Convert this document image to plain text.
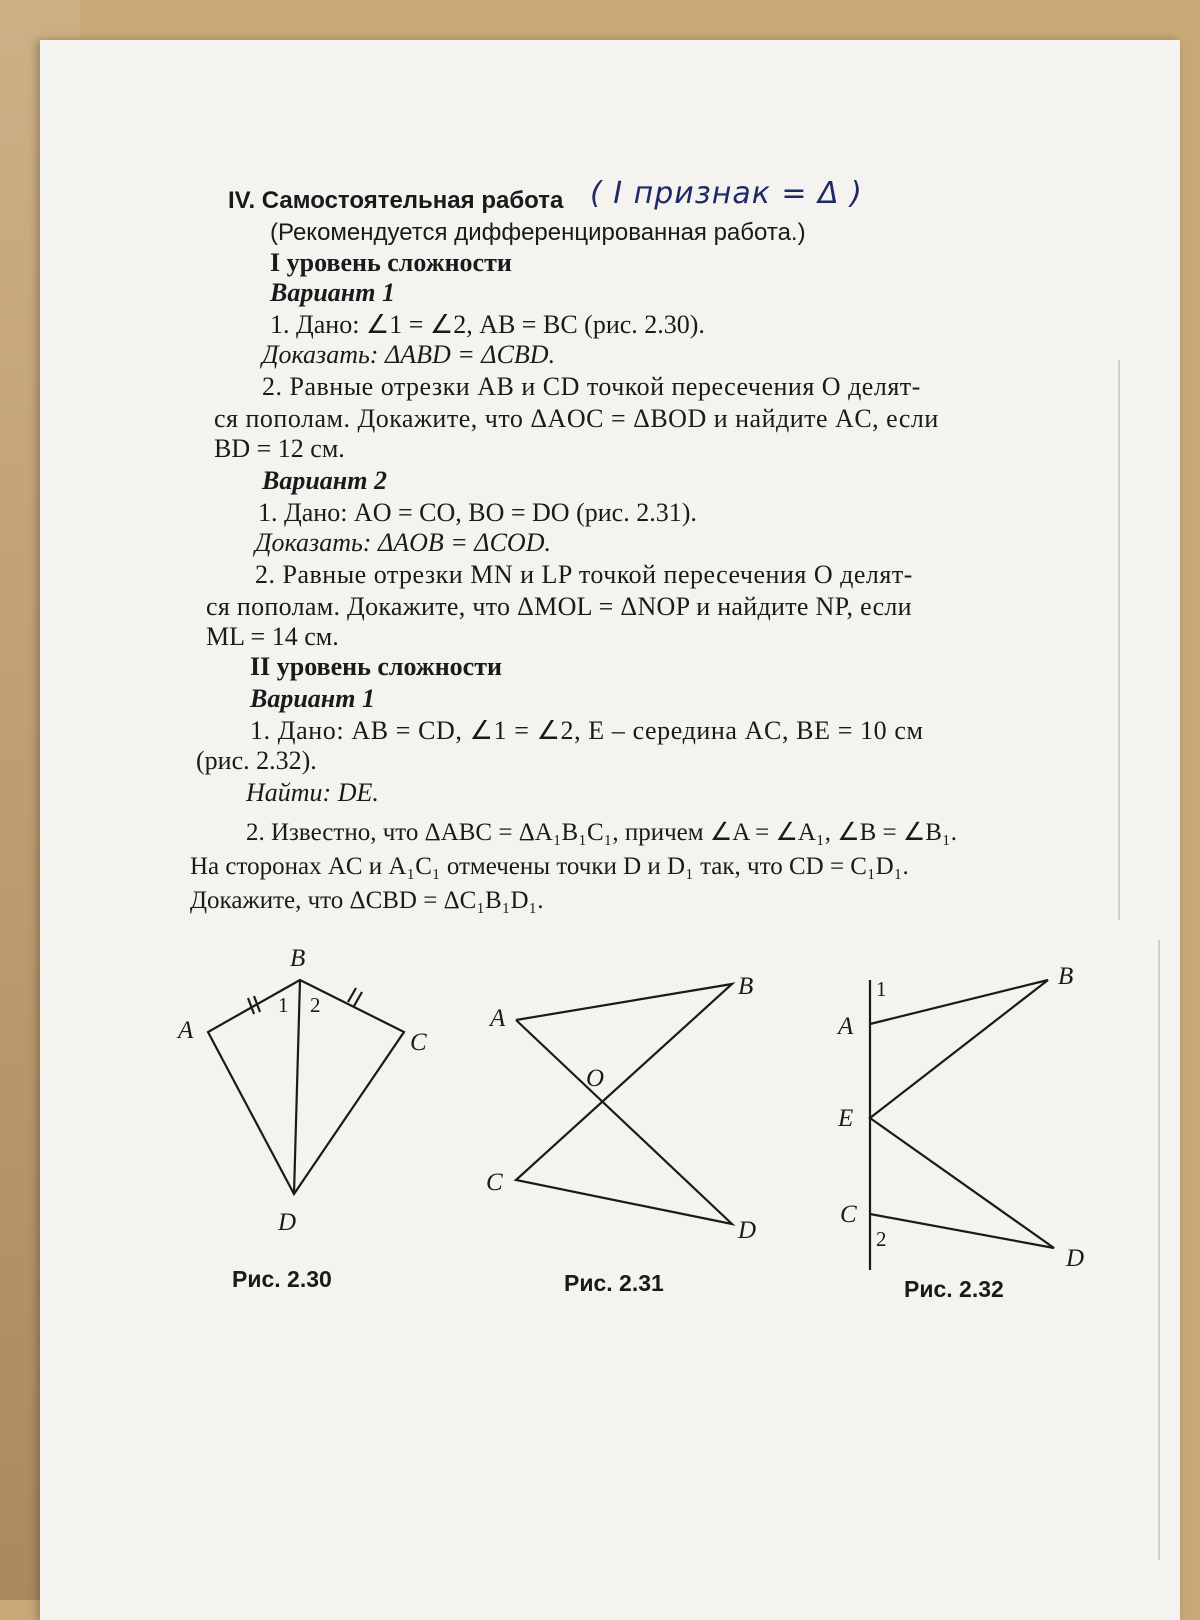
IV. Самостоятельная работа ( I признак = Δ )
(Рекомендуется дифференцированная работа.)
I уровень сложности
Вариант 1
1. Дано: ∠1 = ∠2, AB = BC (рис. 2.30).
Доказать: ΔABD = ΔCBD.
2. Равные отрезки AB и CD точкой пересечения O делят-
ся пополам. Докажите, что ΔAOC = ΔBOD и найдите AC, если
BD = 12 см.
Вариант 2
1. Дано: AO = CO, BO = DO (рис. 2.31).
Доказать: ΔAOB = ΔCOD.
2. Равные отрезки MN и LP точкой пересечения O делят-
ся пополам. Докажите, что ΔMOL = ΔNOP и найдите NP, если
ML = 14 см.
II уровень сложности
Вариант 1
1. Дано: AB = CD, ∠1 = ∠2, E – середина AC, BE = 10 см
(рис. 2.32).
Найти: DE.
2. Известно, что ΔABC = ΔA₁B₁C₁, причем ∠A = ∠A₁, ∠B = ∠B₁.
На сторонах AC и A₁C₁ отмечены точки D и D₁ так, что CD = C₁D₁.
Докажите, что ΔCBD = ΔC₁B₁D₁.
B
A	C
D
1 2
Рис. 2.30
A
B
C
D
O
Рис. 2.31
1
2
A
B
E
C
D
Рис. 2.32
